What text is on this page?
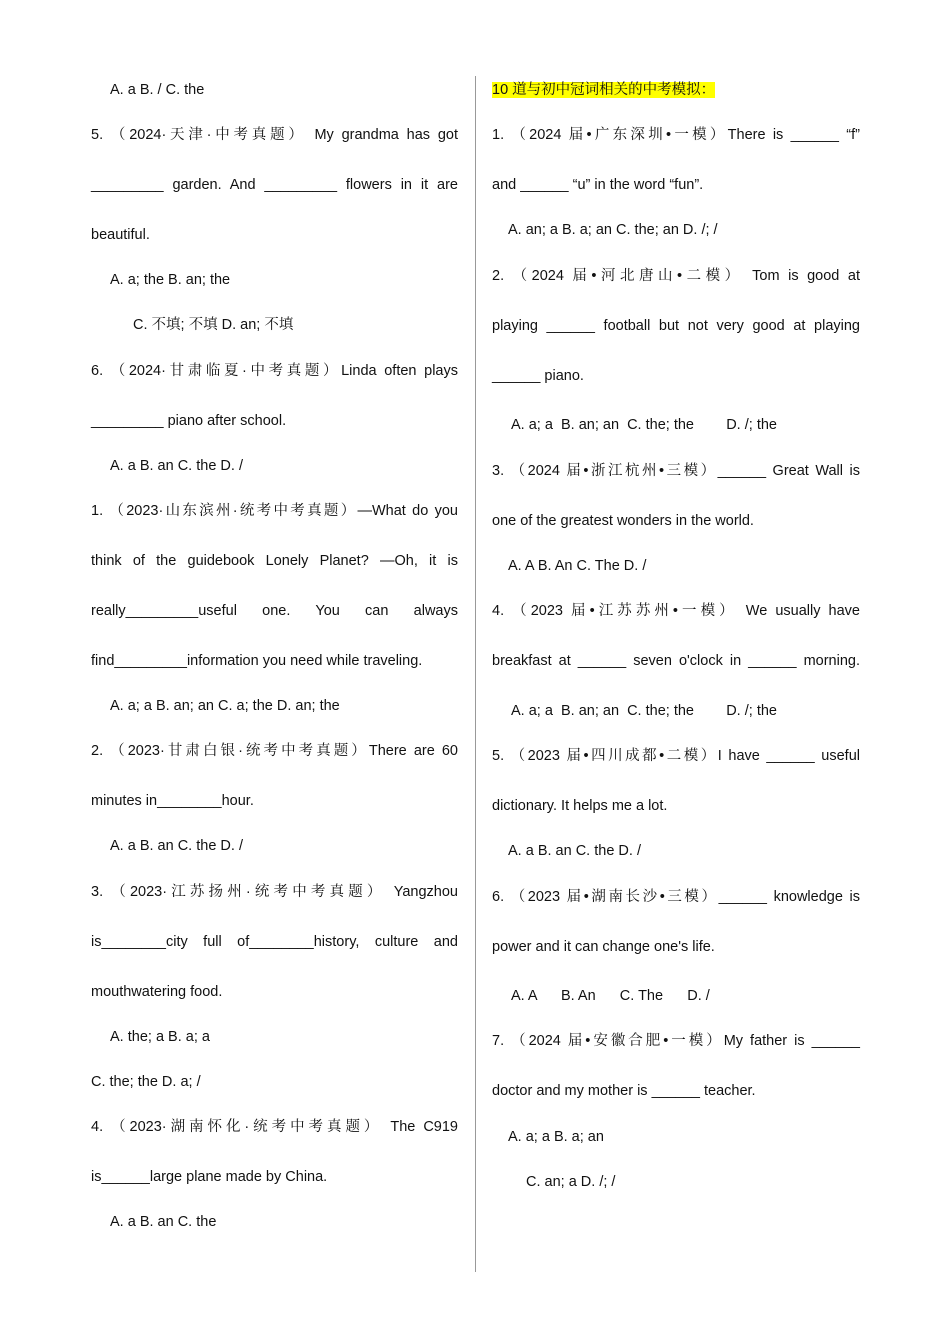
A. a B. / C. the
5. （2024·天津·中考真题） My grandma has got
_________ garden. And _________ flowers in it are
beautiful.
A. a; the B. an; the
C. 不填; 不填 D. an; 不填
6. （2024·甘肃临夏·中考真题）Linda often plays
_________ piano after school.
A. a B. an C. the D. /
1. （2023·山东滨州·统考中考真题）—What do you
think of the guidebook Lonely Planet? —Oh, it is
really_________useful one. You can always
find_________information you need while traveling.
A. a; a B. an; an C. a; the D. an; the
2. （2023·甘肃白银·统考中考真题）There are 60
minutes in________hour.
A. a B. an C. the D. /
3. （2023·江苏扬州·统考中考真题） Yangzhou
is________city full of________history, culture and
mouthwatering food.
A. the; a B. a; a
C. the; the D. a; /
4. （2023·湖南怀化·统考中考真题） The C919
is______large plane made by China.
A. a B. an C. the
10 道与初中冠词相关的中考模拟：
1. （2024 届•广东深圳•一模）There is ______ “f”
and ______ “u” in the word “fun”.
A. an; a B. a; an C. the; an D. /; /
2. （2024 届•河北唐山•二模） Tom is good at
playing ______ football but not very good at playing
______ piano.
A. a; a  B. an; an  C. the; the        D. /; the
3. （2024 届•浙江杭州•三模）______ Great Wall is
one of the greatest wonders in the world.
A. A B. An C. The D. /
4. （2023 届•江苏苏州•一模） We usually have
breakfast at ______ seven o'clock in ______ morning.
A. a; a  B. an; an  C. the; the        D. /; the
5. （2023 届•四川成都•二模）I have ______ useful
dictionary. It helps me a lot.
A. a B. an C. the D. /
6. （2023 届•湖南长沙•三模）______ knowledge is
power and it can change one's life.
A. A      B. An      C. The      D. /
7. （2024 届•安徽合肥•一模）My father is ______
doctor and my mother is ______ teacher.
A. a; a B. a; an
C. an; a D. /; /
